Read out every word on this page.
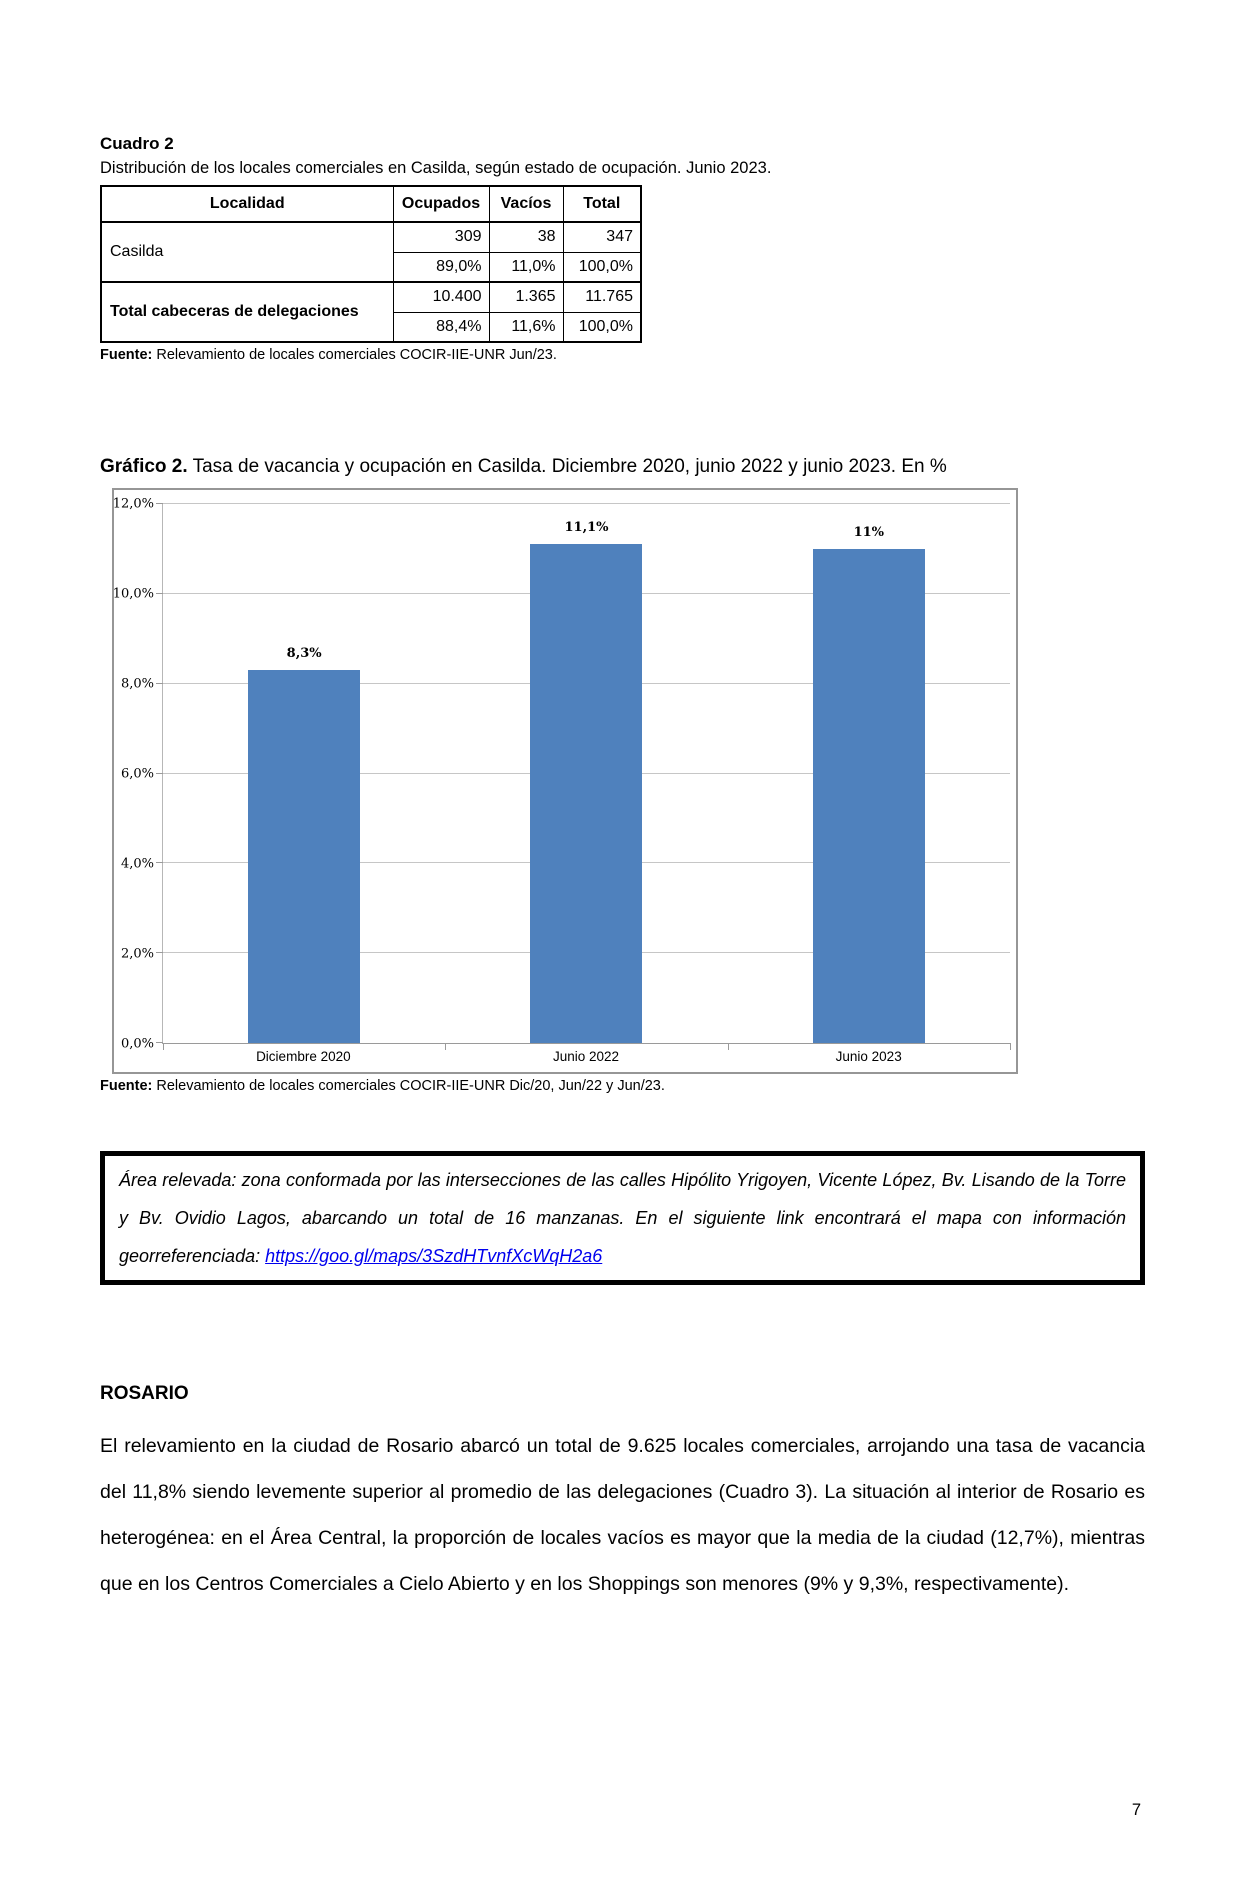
Cuadro 2
Distribución de los locales comerciales en Casilda, según estado de ocupación. Junio 2023.
Localidad	Ocupados	Vacíos	Total
Casilda	309	38	347
	89,0%	11,0%	100,0%
Total cabeceras de delegaciones	10.400	1.365	11.765
	88,4%	11,6%	100,0%
Fuente: Relevamiento de locales comerciales COCIR-IIE-UNR Jun/23.
Gráfico 2. Tasa de vacancia y ocupación en Casilda. Diciembre 2020, junio 2022 y junio 2023. En %
0,0%
2,0%
4,0%
6,0%
8,0%
10,0%
12,0%
8,3%
11,1%	11%
Diciembre 2020	Junio 2022	Junio 2023
Fuente: Relevamiento de locales comerciales COCIR-IIE-UNR Dic/20, Jun/22 y Jun/23.
Área relevada: zona conformada por las intersecciones de las calles Hipólito Yrigoyen, Vicente López, Bv. Lisando de la Torre y Bv. Ovidio Lagos, abarcando un total de 16 manzanas. En el siguiente link encontrará el mapa con información georreferenciada: https://goo.gl/maps/3SzdHTvnfXcWqH2a6
ROSARIO
El relevamiento en la ciudad de Rosario abarcó un total de 9.625 locales comerciales, arrojando una tasa de vacancia del 11,8% siendo levemente superior al promedio de las delegaciones (Cuadro 3). La situación al interior de Rosario es heterogénea: en el Área Central, la proporción de locales vacíos es mayor que la media de la ciudad (12,7%), mientras que en los Centros Comerciales a Cielo Abierto y en los Shoppings son menores (9% y 9,3%, respectivamente).
7
